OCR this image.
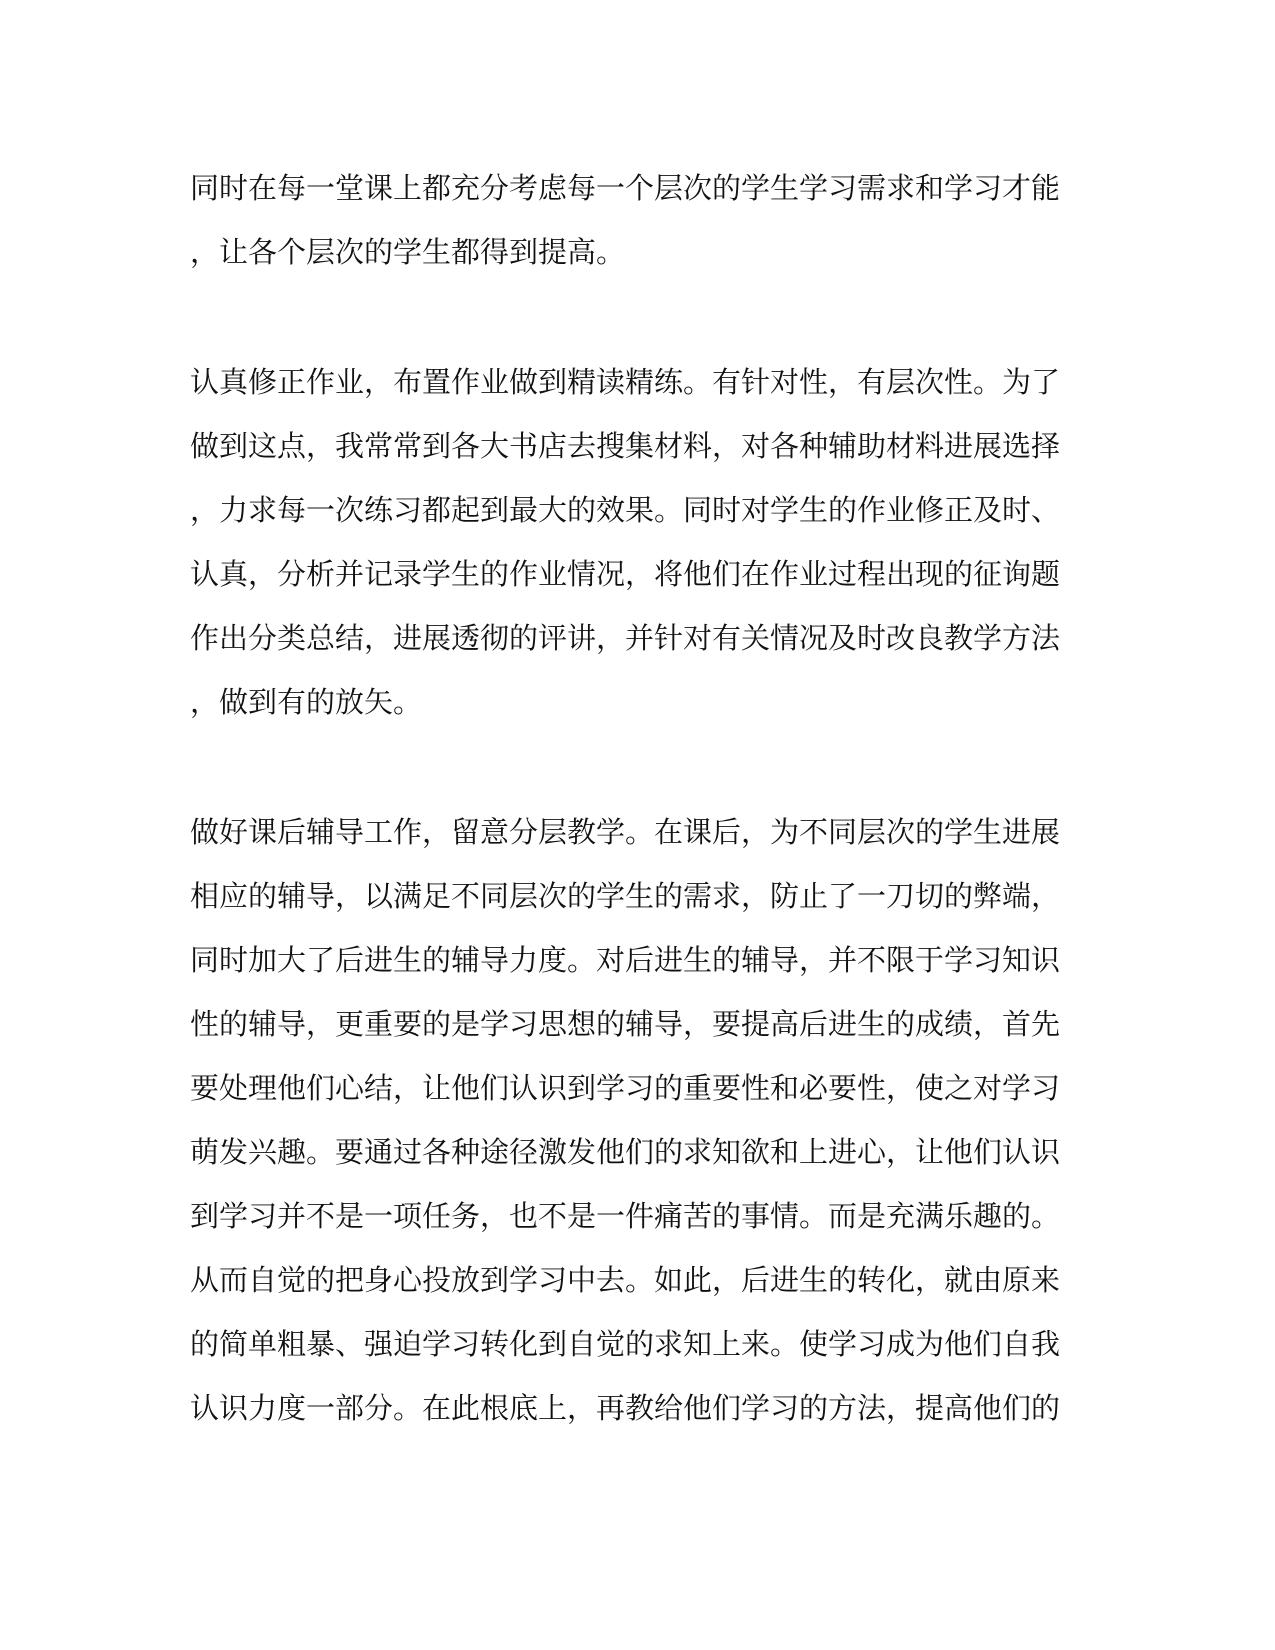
同时在每一堂课上都充分考虑每一个层次的学生学习需求和学习才能
，让各个层次的学生都得到提高。
认真修正作业，布置作业做到精读精练。有针对性，有层次性。为了
做到这点，我常常到各大书店去搜集材料，对各种辅助材料进展选择
，力求每一次练习都起到最大的效果。同时对学生的作业修正及时、
认真，分析并记录学生的作业情况，将他们在作业过程出现的征询题
作出分类总结，进展透彻的评讲，并针对有关情况及时改良教学方法
，做到有的放矢。
做好课后辅导工作，留意分层教学。在课后，为不同层次的学生进展
相应的辅导，以满足不同层次的学生的需求，防止了一刀切的弊端，
同时加大了后进生的辅导力度。对后进生的辅导，并不限于学习知识
性的辅导，更重要的是学习思想的辅导，要提高后进生的成绩，首先
要处理他们心结，让他们认识到学习的重要性和必要性，使之对学习
萌发兴趣。要通过各种途径激发他们的求知欲和上进心，让他们认识
到学习并不是一项任务，也不是一件痛苦的事情。而是充满乐趣的。
从而自觉的把身心投放到学习中去。如此，后进生的转化，就由原来
的简单粗暴、强迫学习转化到自觉的求知上来。使学习成为他们自我
认识力度一部分。在此根底上，再教给他们学习的方法，提高他们的
